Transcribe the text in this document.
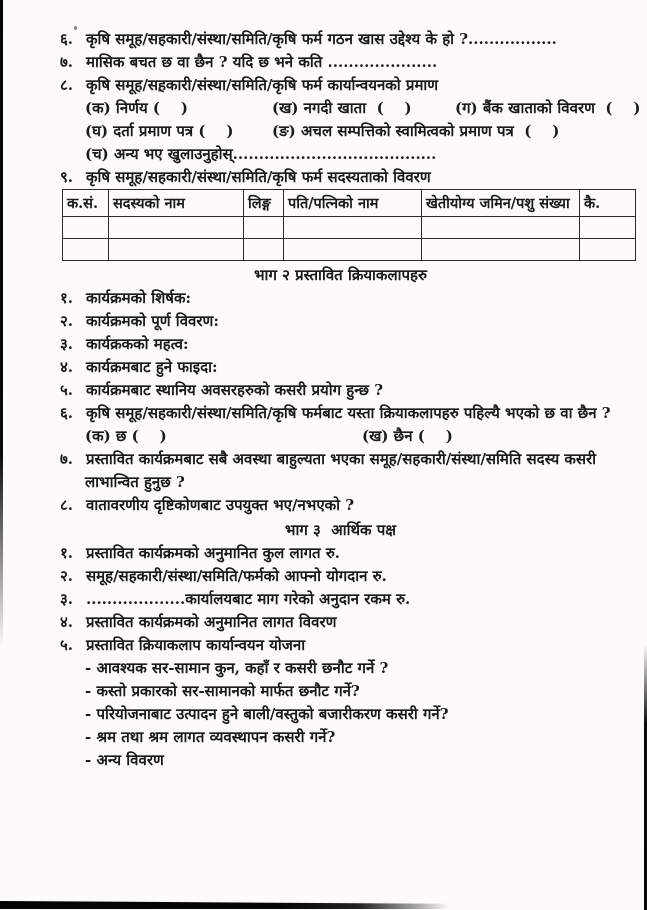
६. कृषि समूह/सहकारी/संस्था/समिति/कृषि फर्म गठन खास उद्देश्य के हो ?.................
७. मासिक बचत छ वा छैन ? यदि छ भने कति .....................
८. कृषि समूह/सहकारी/संस्था/समिति/कृषि फर्म कार्यान्वयनको प्रमाण
(क) निर्णय (    )	(ख) नगदी खाता  (    )	(ग) बैंक खाताको विवरण  (    )
(घ) दर्ता प्रमाण पत्र (    )	(ङ) अचल सम्पत्तिको स्वामित्वको प्रमाण पत्र  (    )
(च) अन्य भए खुलाउनुहोस्.......................................
९. कृषि समूह/सहकारी/संस्था/समिति/कृषि फर्म सदस्यताको विवरण
क.सं.	सदस्यको नाम	लिङ्ग	पति/पत्निको नाम	खेतीयोग्य जमिन/पशु संख्या	कै.

भाग २ प्रस्तावित क्रियाकलापहरु
१. कार्यक्रमको शिर्षक:
२. कार्यक्रमको पूर्ण विवरण:
३. कार्यक्रकको महत्व:
४. कार्यक्रमबाट हुने फाइदा:
५. कार्यक्रमबाट स्थानिय अवसरहरुको कसरी प्रयोग हुन्छ ?
६. कृषि समूह/सहकारी/संस्था/समिति/कृषि फर्मबाट यस्ता क्रियाकलापहरु पहिल्यै भएको छ वा छैन ?
(क) छ (    )	(ख) छैन (    )
७. प्रस्तावित कार्यक्रमबाट सबै अवस्था बाहुल्यता भएका समूह/सहकारी/संस्था/समिति सदस्य कसरी
लाभान्वित हुनुछ ?
८. वातावरणीय दृष्टिकोणबाट उपयुक्त भए/नभएको ?
भाग ३  आर्थिक पक्ष
१. प्रस्तावित कार्यक्रमको अनुमानित कुल लागत रु.
२. समूह/सहकारी/संस्था/समिति/फर्मको आफ्नो योगदान रु.
३. ...................कार्यालयबाट माग गरेको अनुदान रकम रु.
४. प्रस्तावित कार्यक्रमको अनुमानित लागत विवरण
५. प्रस्तावित क्रियाकलाप कार्यान्वयन योजना
- आवश्यक सर-सामान कुन, कहाँ र कसरी छनौट गर्ने ?
- कस्तो प्रकारको सर-सामानको मार्फत छनौट गर्ने?
- परियोजनाबाट उत्पादन हुने बाली/वस्तुको बजारीकरण कसरी गर्ने?
- श्रम तथा श्रम लागत व्यवस्थापन कसरी गर्ने?
- अन्य विवरण
